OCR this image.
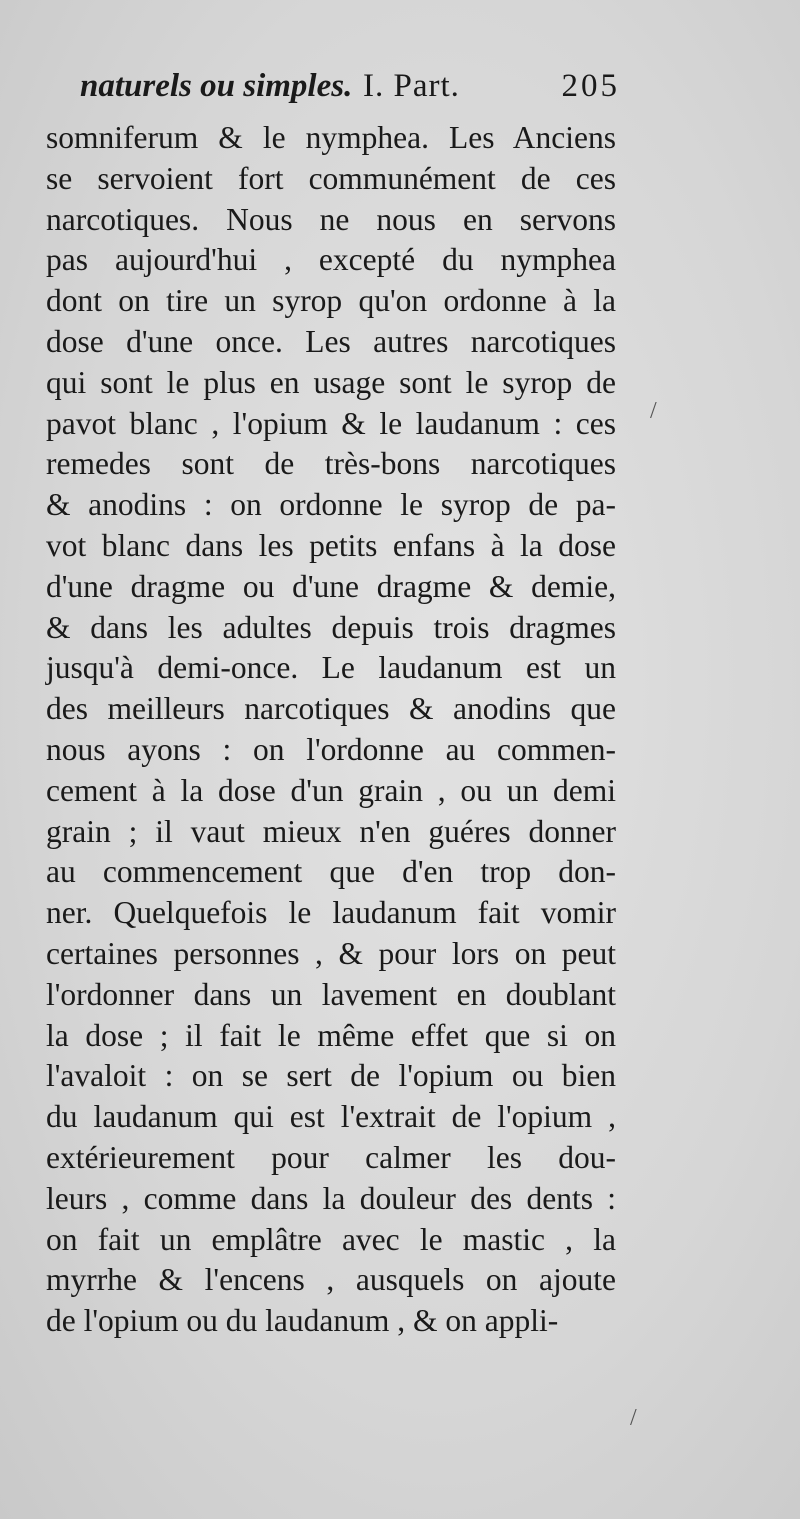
naturels ou simples. I. Part.	205
somniferum & le nymphea. Les Anciens
se servoient fort communément de ces
narcotiques. Nous ne nous en servons
pas aujourd'hui , excepté du nymphea
dont on tire un syrop qu'on ordonne à la
dose d'une once. Les autres narcotiques
qui sont le plus en usage sont le syrop de
pavot blanc , l'opium & le laudanum : ces
remedes sont de très-bons narcotiques
& anodins : on ordonne le syrop de pa-
vot blanc dans les petits enfans à la dose
d'une dragme ou d'une dragme & demie,
& dans les adultes depuis trois dragmes
jusqu'à demi-once. Le laudanum est un
des meilleurs narcotiques & anodins que
nous ayons : on l'ordonne au commen-
cement à la dose d'un grain , ou un demi
grain ; il vaut mieux n'en guéres donner
au commencement que d'en trop don-
ner. Quelquefois le laudanum fait vomir
certaines personnes , & pour lors on peut
l'ordonner dans un lavement en doublant
la dose ; il fait le même effet que si on
l'avaloit : on se sert de l'opium ou bien
du laudanum qui est l'extrait de l'opium ,
extérieurement pour calmer les dou-
leurs , comme dans la douleur des dents :
on fait un emplâtre avec le mastic , la
myrrhe & l'encens , ausquels on ajoute
de l'opium ou du laudanum , & on appli-
/
/
